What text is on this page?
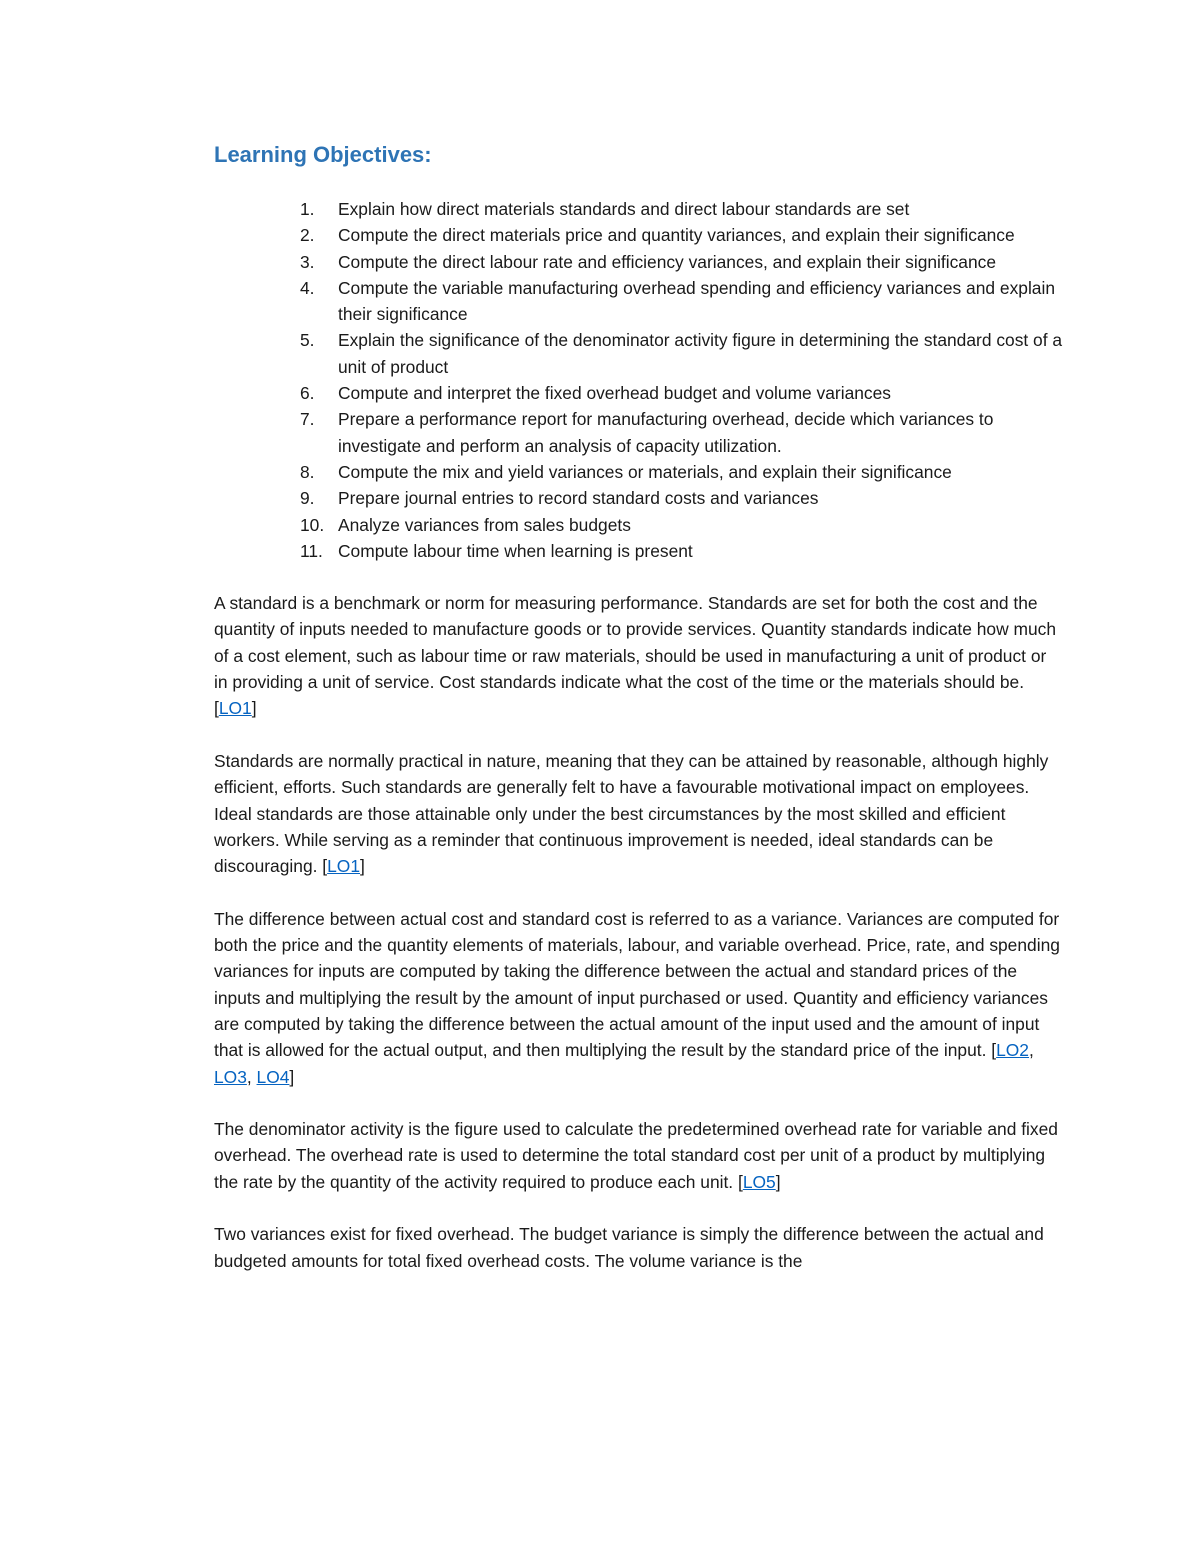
Learning Objectives:
1.	Explain how direct materials standards and direct labour standards are set
2.	Compute the direct materials price and quantity variances, and explain their significance
3.	Compute the direct labour rate and efficiency variances, and explain their significance
4.	Compute the variable manufacturing overhead spending and efficiency variances and explain their significance
5.	Explain the significance of the denominator activity figure in determining the standard cost of a unit of product
6.	Compute and interpret the fixed overhead budget and volume variances
7.	Prepare a performance report for manufacturing overhead, decide which variances to investigate and perform an analysis of capacity utilization.
8.	Compute the mix and yield variances or materials, and explain their significance
9.	Prepare journal entries to record standard costs and variances
10. Analyze variances from sales budgets
11. Compute labour time when learning is present

A standard is a benchmark or norm for measuring performance. Standards are set for both the cost and the quantity of inputs needed to manufacture goods or to provide services. Quantity standards indicate how much of a cost element, such as labour time or raw materials, should be used in manufacturing a unit of product or in providing a unit of service. Cost standards indicate what the cost of the time or the materials should be. [LO1]

Standards are normally practical in nature, meaning that they can be attained by reasonable, although highly efficient, efforts. Such standards are generally felt to have a favourable motivational impact on employees. Ideal standards are those attainable only under the best circumstances by the most skilled and efficient workers. While serving as a reminder that continuous improvement is needed, ideal standards can be discouraging. [LO1]

The difference between actual cost and standard cost is referred to as a variance. Variances are computed for both the price and the quantity elements of materials, labour, and variable overhead. Price, rate, and spending variances for inputs are computed by taking the difference between the actual and standard prices of the inputs and multiplying the result by the amount of input purchased or used. Quantity and efficiency variances are computed by taking the difference between the actual amount of the input used and the amount of input that is allowed for the actual output, and then multiplying the result by the standard price of the input. [LO2, LO3, LO4]

The denominator activity is the figure used to calculate the predetermined overhead rate for variable and fixed overhead. The overhead rate is used to determine the total standard cost per unit of a product by multiplying the rate by the quantity of the activity required to produce each unit. [LO5]

Two variances exist for fixed overhead. The budget variance is simply the difference between the actual and budgeted amounts for total fixed overhead costs. The volume variance is the
